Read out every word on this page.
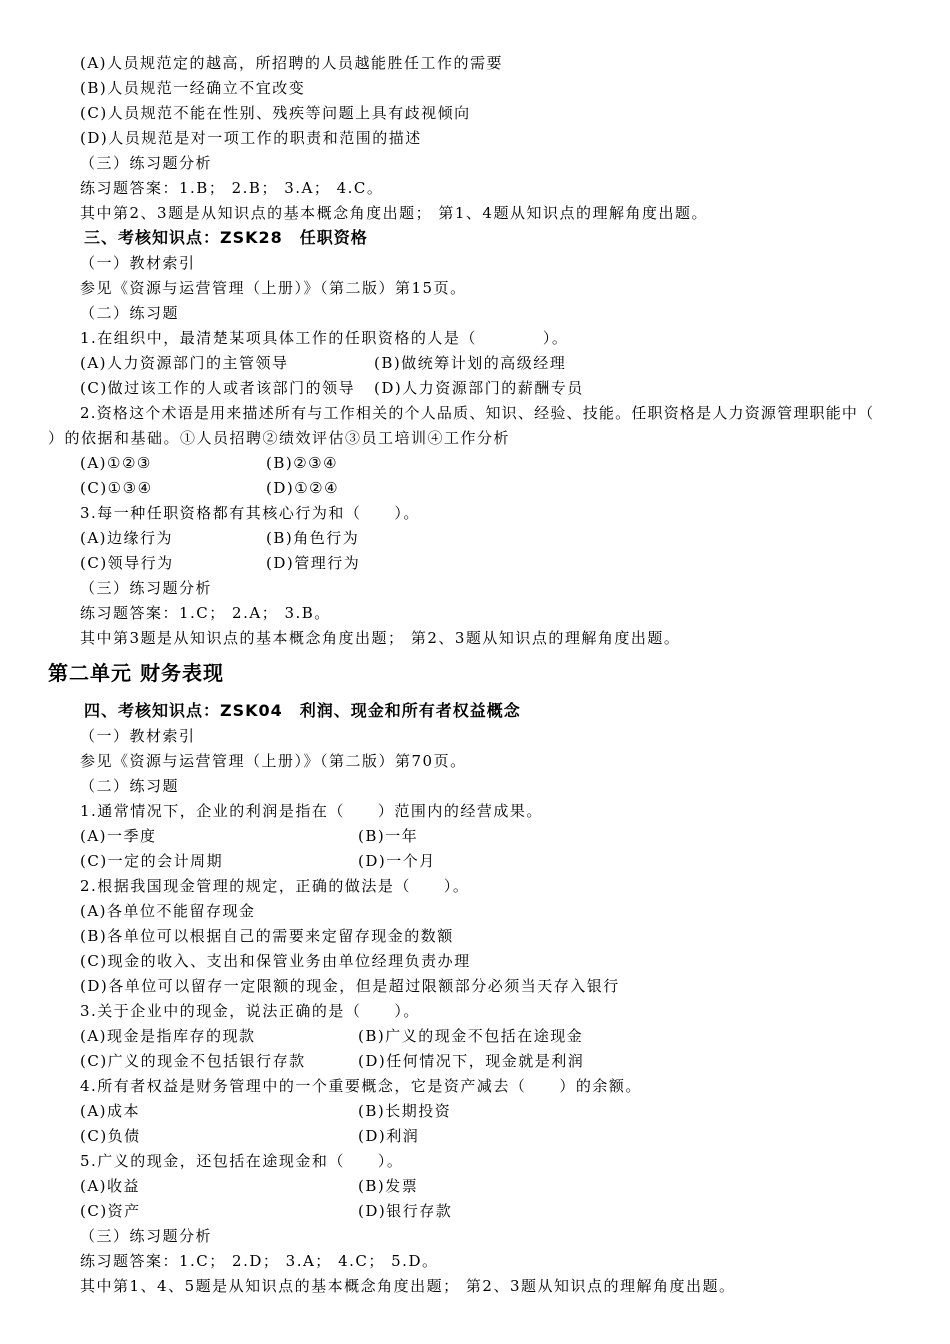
(A)人员规范定的越高，所招聘的人员越能胜任工作的需要
(B)人员规范一经确立不宜改变
(C)人员规范不能在性别、残疾等问题上具有歧视倾向
(D)人员规范是对一项工作的职责和范围的描述
（三）练习题分析
练习题答案：1.B； 2.B； 3.A； 4.C。
其中第2、3题是从知识点的基本概念角度出题； 第1、4题从知识点的理解角度出题。
三、考核知识点：ZSK28　任职资格
（一）教材索引
参见《资源与运营管理（上册）》（第二版）第15页。
（二）练习题
1.在组织中，最清楚某项具体工作的任职资格的人是（　　　　）。
(A)人力资源部门的主管领导	(B)做统筹计划的高级经理
(C)做过该工作的人或者该部门的领导 (D)人力资源部门的薪酬专员
2.资格这个术语是用来描述所有与工作相关的个人品质、知识、经验、技能。任职资格是人力资源管理职能中（
）的依据和基础。①人员招聘②绩效评估③员工培训④工作分析
(A)①②③	(B)②③④
(C)①③④	(D)①②④
3.每一种任职资格都有其核心行为和（　　）。
(A)边缘行为	(B)角色行为
(C)领导行为	(D)管理行为
（三）练习题分析
练习题答案：1.C； 2.A； 3.B。
其中第3题是从知识点的基本概念角度出题； 第2、3题从知识点的理解角度出题。
第二单元 财务表现
四、考核知识点：ZSK04　利润、现金和所有者权益概念
（一）教材索引
参见《资源与运营管理（上册）》（第二版）第70页。
（二）练习题
1.通常情况下，企业的利润是指在（　　）范围内的经营成果。
(A)一季度	(B)一年
(C)一定的会计周期	(D)一个月
2.根据我国现金管理的规定，正确的做法是（　　）。
(A)各单位不能留存现金
(B)各单位可以根据自己的需要来定留存现金的数额
(C)现金的收入、支出和保管业务由单位经理负责办理
(D)各单位可以留存一定限额的现金，但是超过限额部分必须当天存入银行
3.关于企业中的现金，说法正确的是（　　）。
(A)现金是指库存的现款	(B)广义的现金不包括在途现金
(C)广义的现金不包括银行存款	(D)任何情况下，现金就是利润
4.所有者权益是财务管理中的一个重要概念，它是资产减去（　　）的余额。
(A)成本	(B)长期投资
(C)负债	(D)利润
5.广义的现金，还包括在途现金和（　　）。
(A)收益	(B)发票
(C)资产	(D)银行存款
（三）练习题分析
练习题答案：1.C； 2.D； 3.A； 4.C； 5.D。
其中第1、4、5题是从知识点的基本概念角度出题； 第2、3题从知识点的理解角度出题。
